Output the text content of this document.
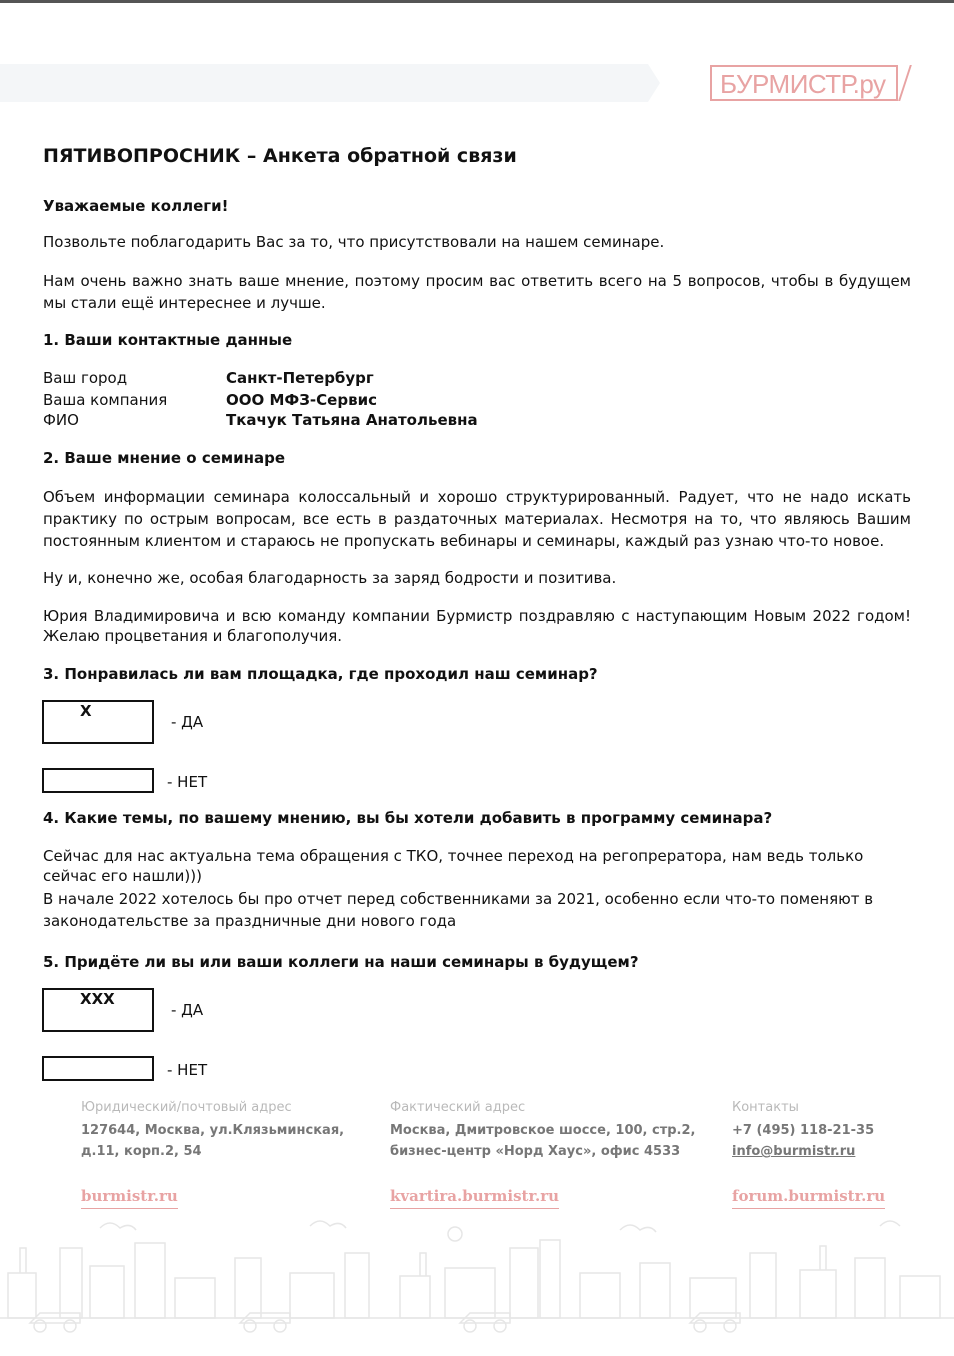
БУРМИСТР.ру
ПЯТИВОПРОСНИК – Анкета обратной связи
Уважаемые коллеги!
Позвольте поблагодарить Вас за то, что присутствовали на нашем семинаре.
Нам очень важно знать ваше мнение, поэтому просим вас ответить всего на 5 вопросов, чтобы в будущем мы стали ещё интереснее и лучше.
1. Ваши контактные данные
Ваш город	Санкт-Петербург
Ваша компания	ООО МФЗ-Сервис
ФИО	Ткачук Татьяна Анатольевна
2. Ваше мнение о семинаре
Объем информации семинара колоссальный и хорошо структурированный. Радует, что не надо искать практику по острым вопросам, все есть в раздаточных материалах. Несмотря на то, что являюсь Вашим постоянным клиентом и стараюсь не пропускать вебинары и семинары, каждый раз узнаю что-то новое.
Ну и, конечно же, особая благодарность за заряд бодрости и позитива.
Юрия Владимировича и всю команду компании Бурмистр поздравляю с наступающим Новым 2022 годом! Желаю процветания и благополучия.
3. Понравилась ли вам площадка, где проходил наш семинар?
Х
- ДА
- НЕТ
4. Какие темы, по вашему мнению, вы бы хотели добавить в программу семинара?
Сейчас для нас актуальна тема обращения с ТКО, точнее переход на регопрератора, нам ведь только сейчас его нашли)))
В начале 2022 хотелось бы про отчет перед собственниками за 2021, особенно если что-то поменяют в законодательстве за праздничные дни нового года
5. Придёте ли вы или ваши коллеги на наши семинары в будущем?
ХХХ
- ДА
- НЕТ
Юридический/почтовый адрес
127644, Москва, ул.Клязьминская,
д.11, корп.2, 54
burmistr.ru
Фактический адрес
Москва, Дмитровское шоссе, 100, стр.2,
бизнес-центр «Норд Хаус», офис 4533
kvartira.burmistr.ru
Контакты
+7 (495) 118-21-35
info@burmistr.ru
forum.burmistr.ru
